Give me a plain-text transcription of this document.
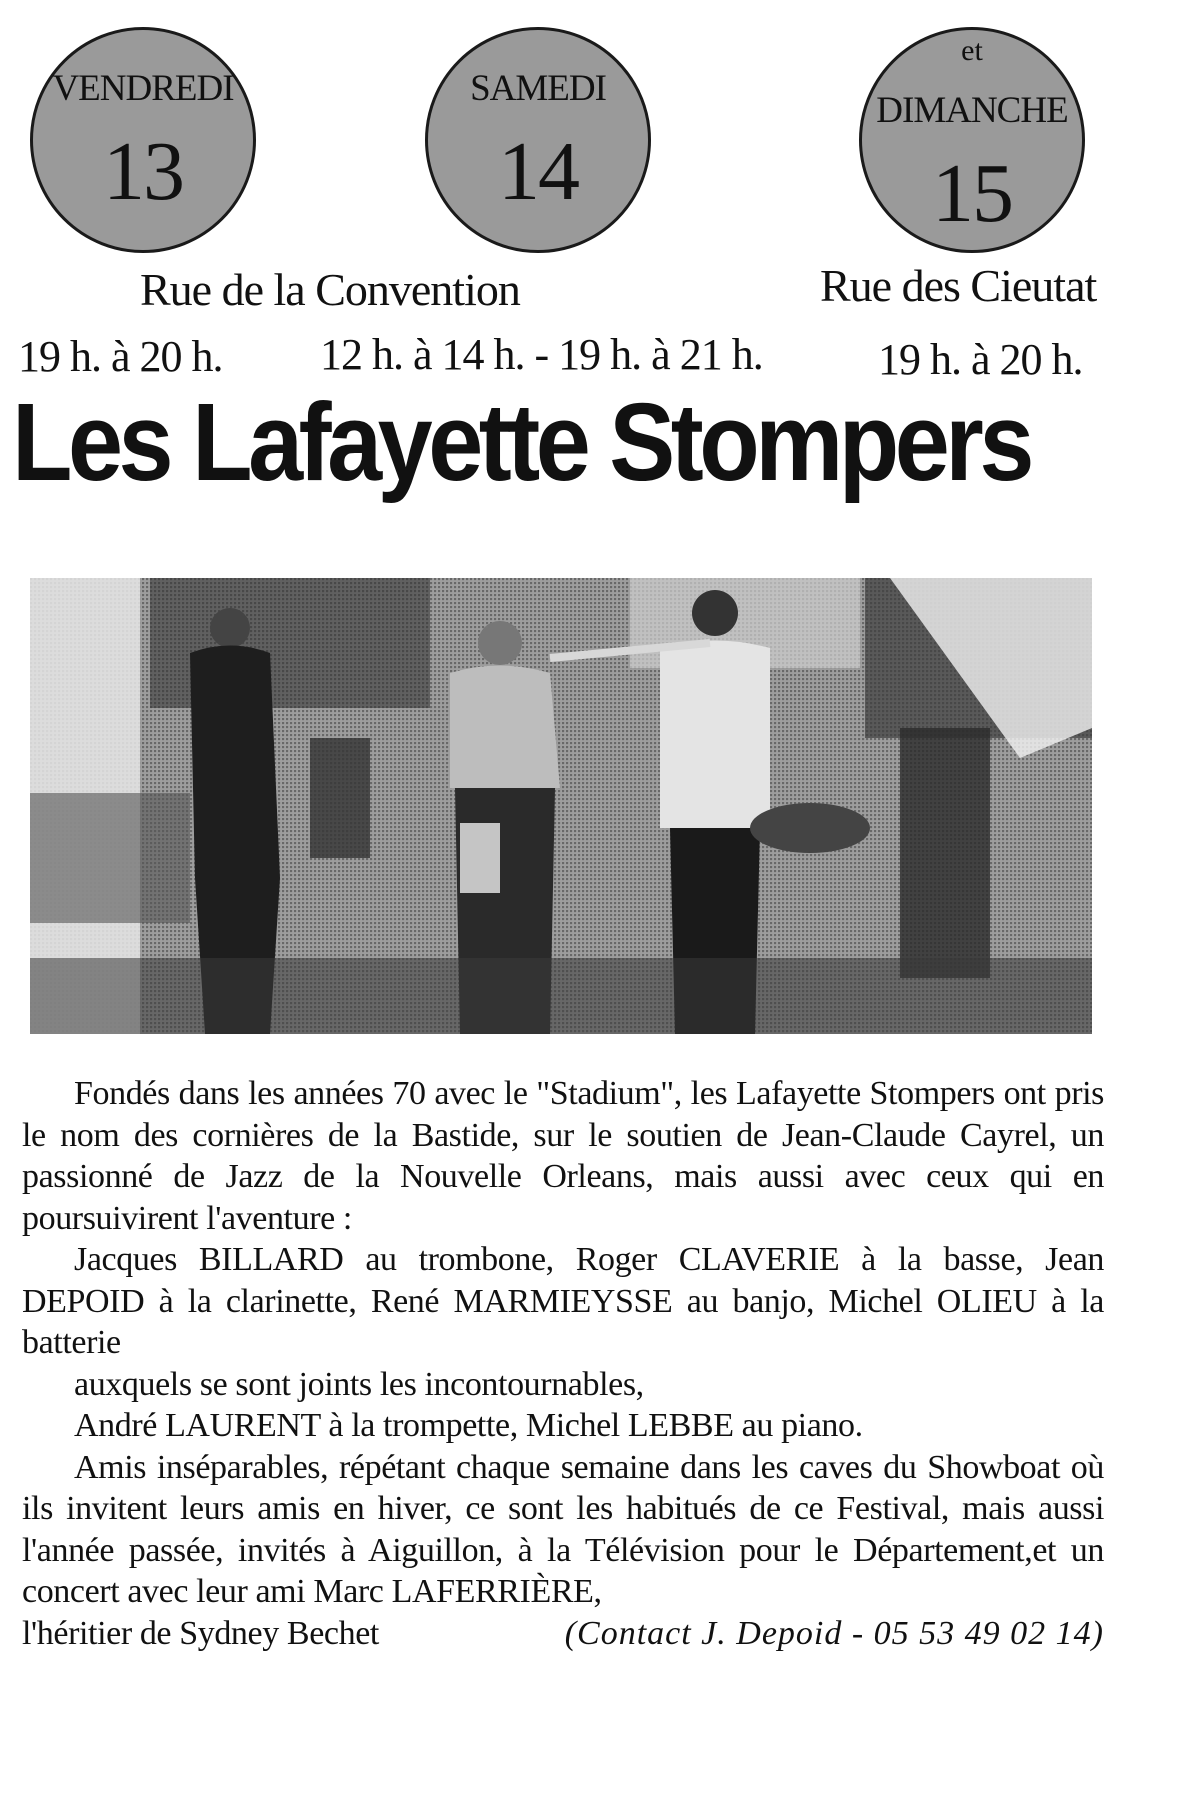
VENDREDI
13
SAMEDI
14
et
DIMANCHE
15
Rue de la Convention	Rue des Cieutat
19 h. à 20 h. 12 h. à 14 h. - 19 h. à 21 h.	19 h. à 20 h.
Les Lafayette Stompers

Fondés dans les années 70 avec le "Stadium", les Lafayette Stompers ont pris le nom des cornières de la Bastide, sur le soutien de Jean-Claude Cayrel, un passionné de Jazz de la Nouvelle Orleans, mais aussi avec ceux qui en poursuivirent l'aventure :

Jacques BILLARD au trombone, Roger CLAVERIE à la basse, Jean DEPOID à la clarinette, René MARMIEYSSE au banjo, Michel OLIEU à la batterie

auxquels se sont joints les incontournables,

André LAURENT à la trompette, Michel LEBBE au piano.

Amis inséparables, répétant chaque semaine dans les caves du Showboat où ils invitent leurs amis en hiver, ce sont les habitués de ce Festival, mais aussi l'année passée, invités à Aiguillon, à la Télévision pour le Département,et un concert avec leur ami Marc LAFERRIÈRE,

l'héritier de Sydney Bechet	(Contact J. Depoid - 05 53 49 02 14)
